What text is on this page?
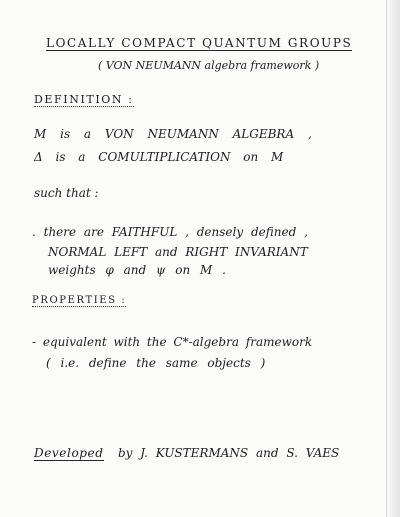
LOCALLY COMPACT QUANTUM GROUPS
( VON NEUMANN algebra framework )
DEFINITION :
M is a VON NEUMANN ALGEBRA ,
Δ is a COMULTIPLICATION on M
such that :
. there are FAITHFUL , densely defined ,
NORMAL LEFT and RIGHT INVARIANT
weights φ and ψ on M .
PROPERTIES :
- equivalent with the C*-algebra framework
( i.e. define the same objects )
Developed by J. KUSTERMANS and S. VAES
